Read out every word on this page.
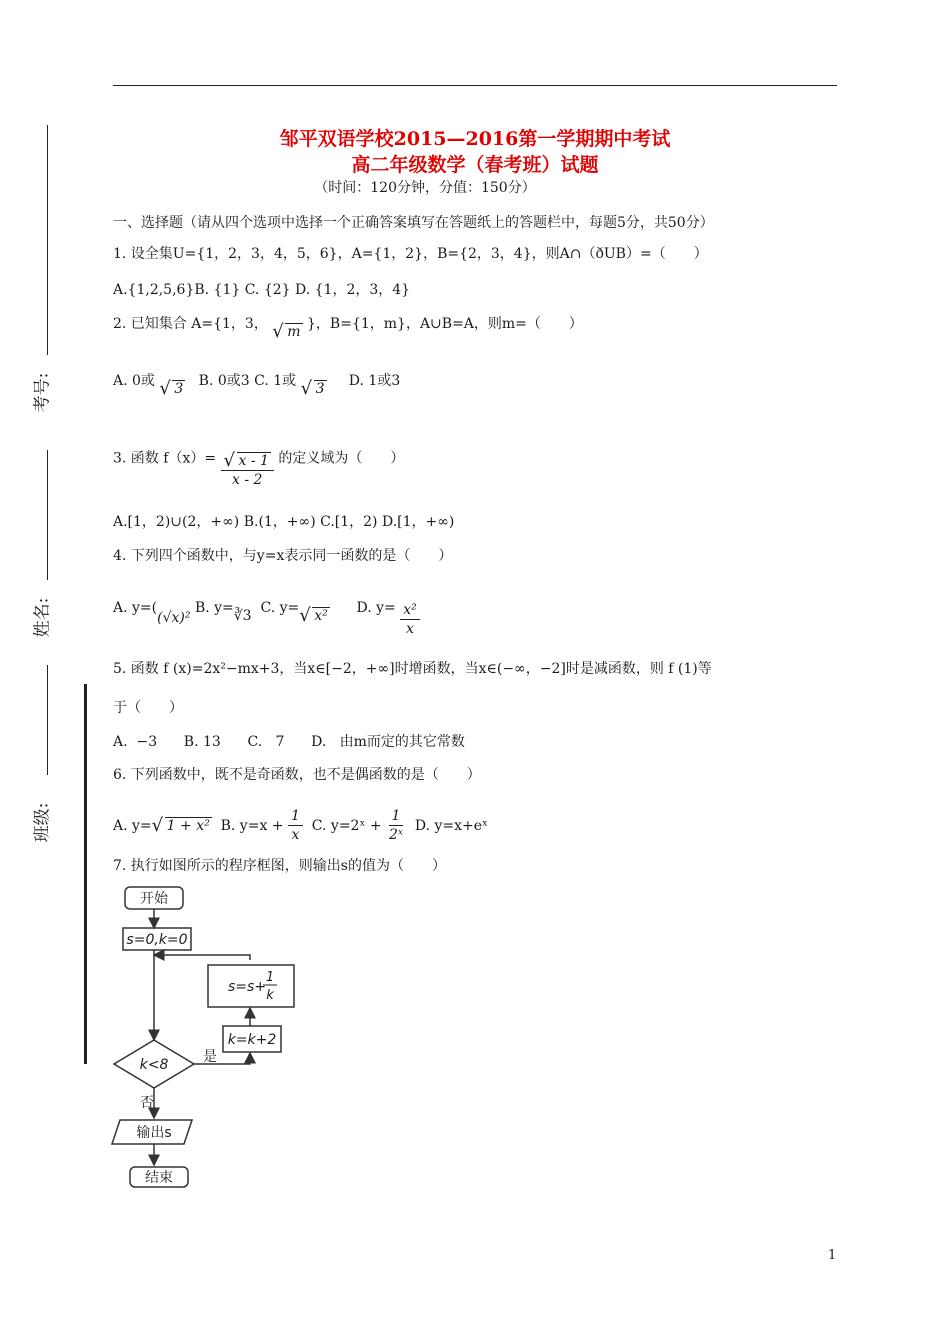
考号:
姓名:
班级:
邹平双语学校2015—2016第一学期期中考试
高二年级数学（春考班）试题
（时间：120分钟，分值：150分）
一、选择题（请从四个选项中选择一个正确答案填写在答题纸上的答题栏中，每题5分，共50分）
1. 设全集U={1，2，3，4，5，6}，A={1，2}，B={2，3，4}，则A∩（ðUB）=（　　）
A.{1,2,5,6}B. {1} C. {2} D. {1，2，3，4}
2. 已知集合 A={1，3， √ m }，B={1，m}，A∪B=A，则m=（　　）
A. 0或 √ 3 B. 0或3 C. 1或 √ 3 D. 1或3
3. 函数 f（x）= √ $\frac{x - 1}{x - 2}$ 的定义域为（　　）
A.[1，2)∪(2，+∞) B.(1，+∞) C.[1，2) D.[1，+∞)
4. 下列四个函数中，与y=x表示同一函数的是（　　）
A. y=((√x)² B. y=∛3 C. y= √ x² D. $y= \frac{\text{x²}}{x}$
5. 函数 f (x)=2x²−mx+3，当x∈[−2，+∞]时增函数，当x∈(−∞，−2]时是减函数，则 f (1)等
于（　　）
A.  −3      B. 13      C.   7      D.   由m而定的其它常数
6. 下列函数中，既不是奇函数，也不是偶函数的是（　　）
A. y= √ 1 + x² B. $y=x + \frac{1}{x} C$. y=2ˣ + $\frac{1}{\text{2ˣ}} D$. y=x+eˣ
7. 执行如图所示的程序框图，则输出s的值为（　　）
开始
s=0,k=0
s=s+
1
k
k=k+2
k<8 是
否
输出s
结束
1
